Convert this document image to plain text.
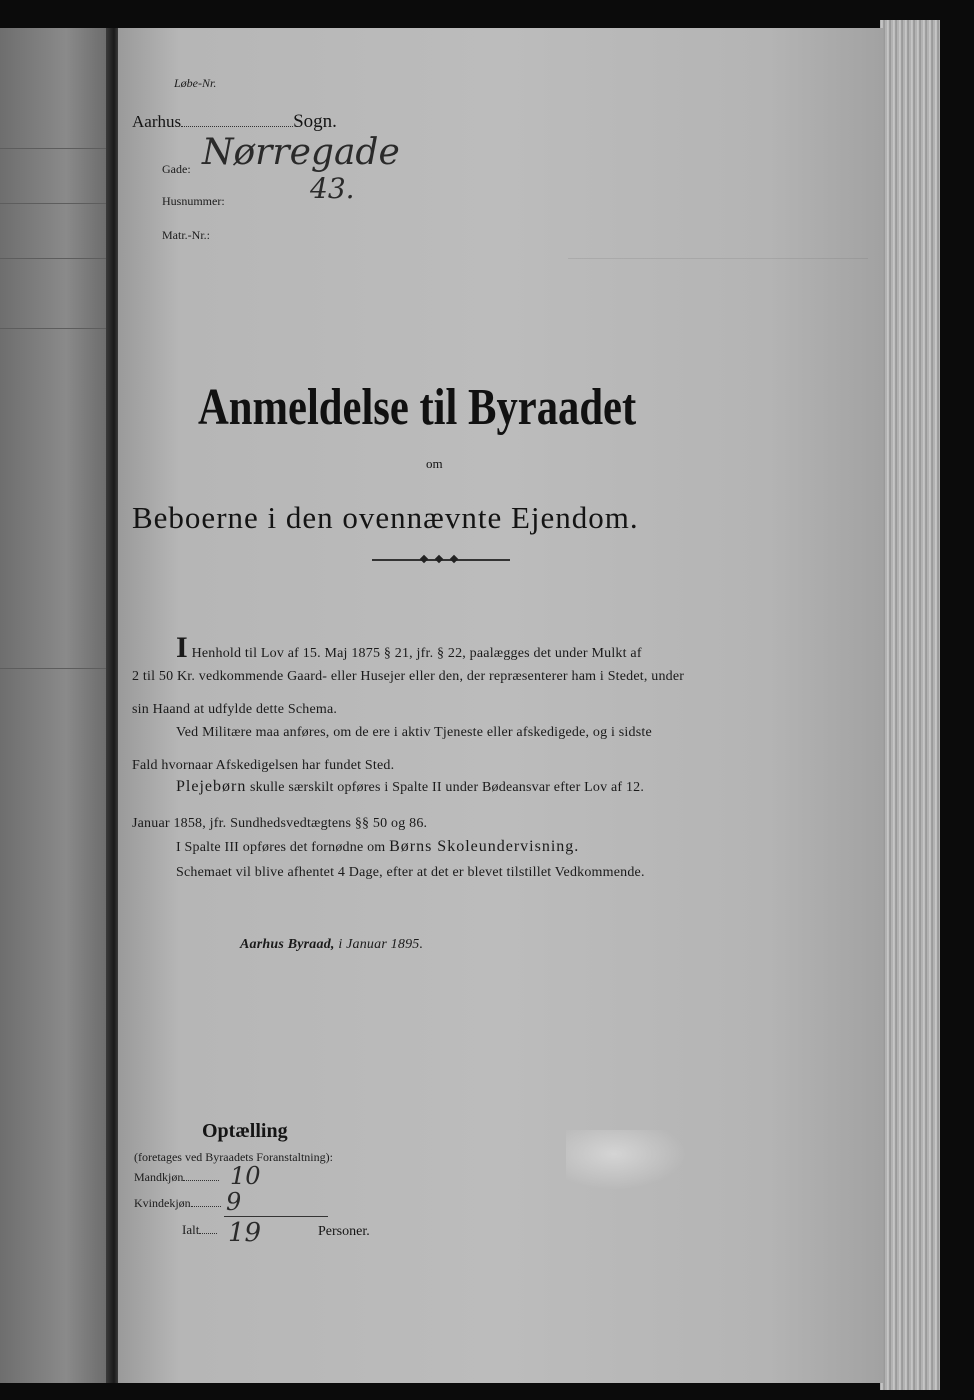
Løbe-Nr.
Aarhus	Sogn.
Gade: Nørregade
Husnummer:	43.
Matr.-Nr.:
Anmeldelse til Byraadet
om
Beboerne i den ovennævnte Ejendom.
I Henhold til Lov af 15. Maj 1875 § 21, jfr. § 22, paalægges det under Mulkt af
2 til 50 Kr. vedkommende Gaard- eller Husejer eller den, der repræsenterer ham i Stedet, under
sin Haand at udfylde dette Schema.
Ved Militære maa anføres, om de ere i aktiv Tjeneste eller afskedigede, og i sidste
Fald hvornaar Afskedigelsen har fundet Sted.
Plejebørn skulle særskilt opføres i Spalte II under Bødeansvar efter Lov af 12.
Januar 1858, jfr. Sundhedsvedtægtens §§ 50 og 86.
I Spalte III opføres det fornødne om Børns Skoleundervisning.
Schemaet vil blive afhentet 4 Dage, efter at det er blevet tilstillet Vedkommende.
Aarhus Byraad, i Januar 1895.

Optælling
(foretages ved Byraadets Foranstaltning):
Mandkjøn	10
Kvindekjøn	9
Ialt	19	Personer.
